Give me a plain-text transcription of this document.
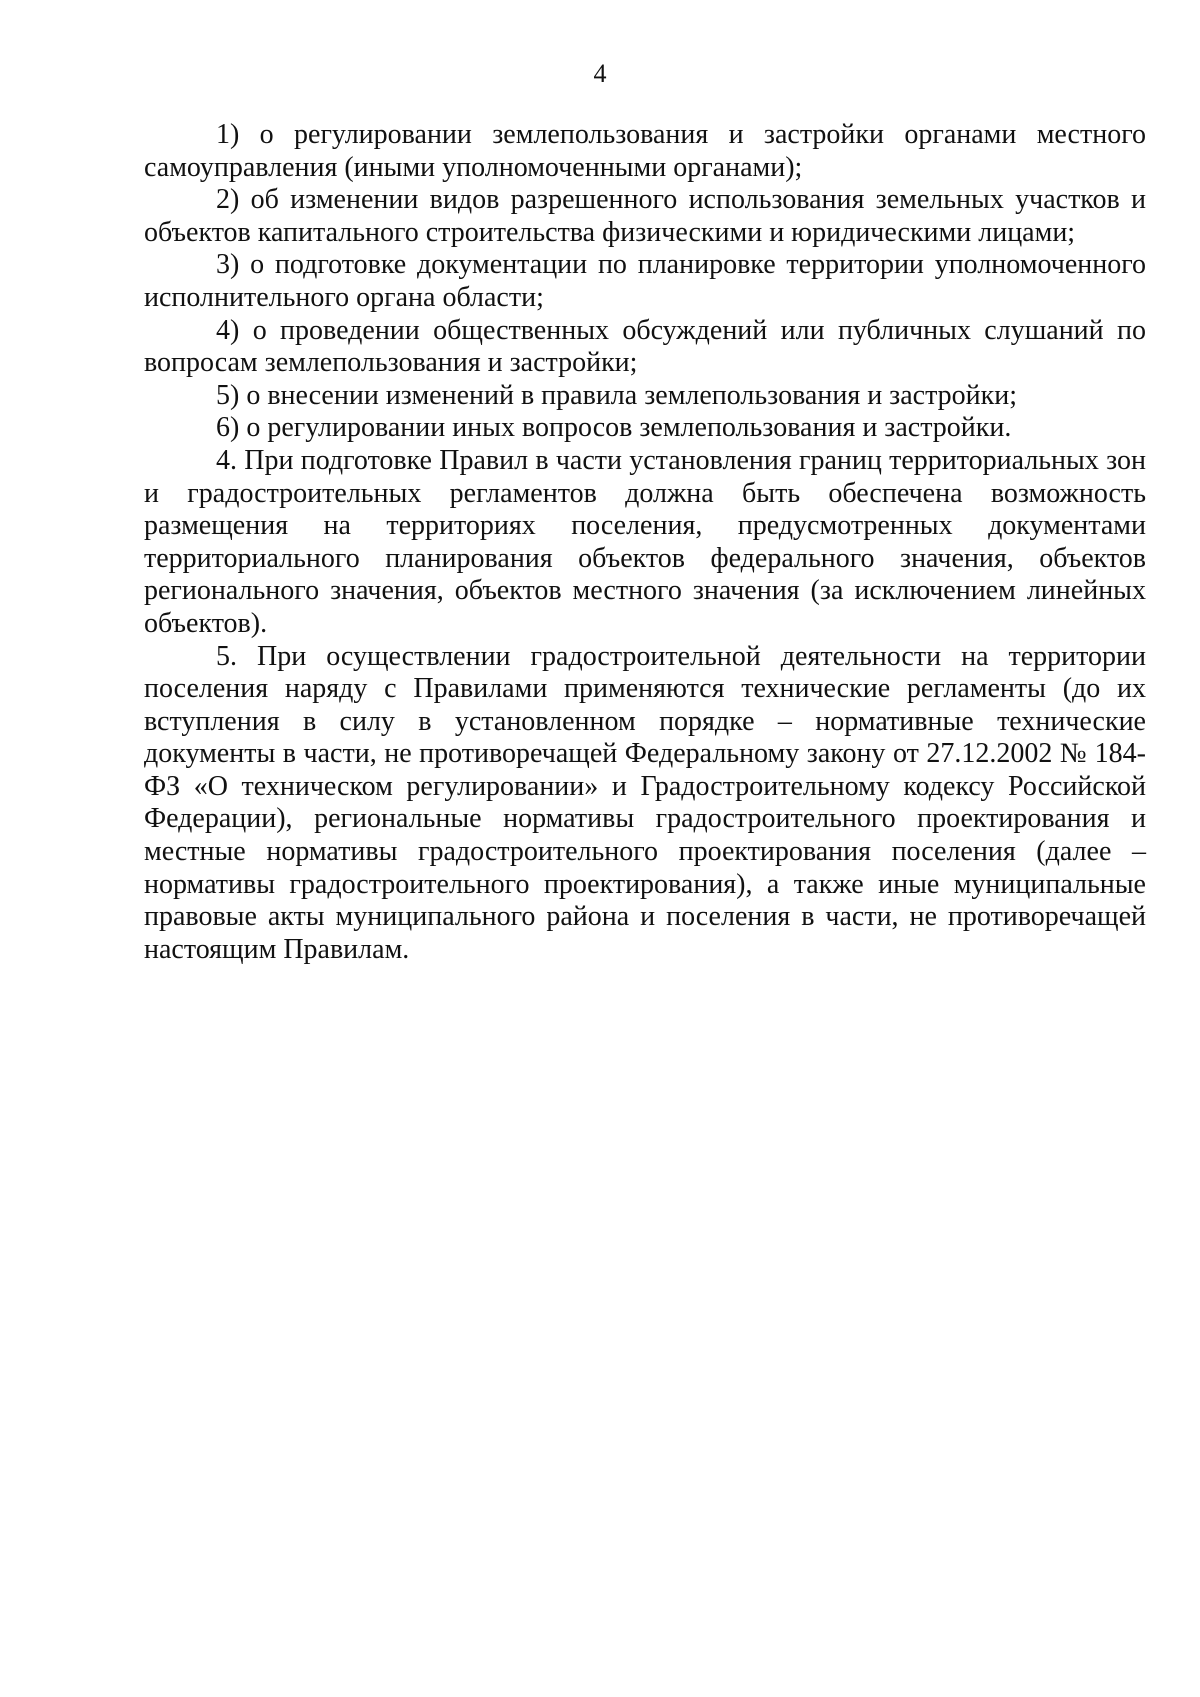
4

1) о регулировании землепользования и застройки органами местного самоуправления (иными уполномоченными органами);

2) об изменении видов разрешенного использования земельных участков и объектов капитального строительства физическими и юридическими лицами;

3) о подготовке документации по планировке территории уполномоченного исполнительного органа области;

4) о проведении общественных обсуждений или публичных слушаний по вопросам землепользования и застройки;

5) о внесении изменений в правила землепользования и застройки;

6) о регулировании иных вопросов землепользования и застройки.

4. При подготовке Правил в части установления границ территориальных зон и градостроительных регламентов должна быть обеспечена возможность размещения на территориях поселения, предусмотренных документами территориального планирования объектов федерального значения, объектов регионального значения, объектов местного значения (за исключением линейных объектов).

5. При осуществлении градостроительной деятельности на территории поселения наряду с Правилами применяются технические регламенты (до их вступления в силу в установленном порядке – нормативные технические документы в части, не противоречащей Федеральному закону от 27.12.2002 № 184-ФЗ «О техническом регулировании» и Градостроительному кодексу Российской Федерации), региональные нормативы градостроительного проектирования и местные нормативы градостроительного проектирования поселения (далее – нормативы градостроительного проектирования), а также иные муниципальные правовые акты муниципального района и поселения в части, не противоречащей настоящим Правилам.
